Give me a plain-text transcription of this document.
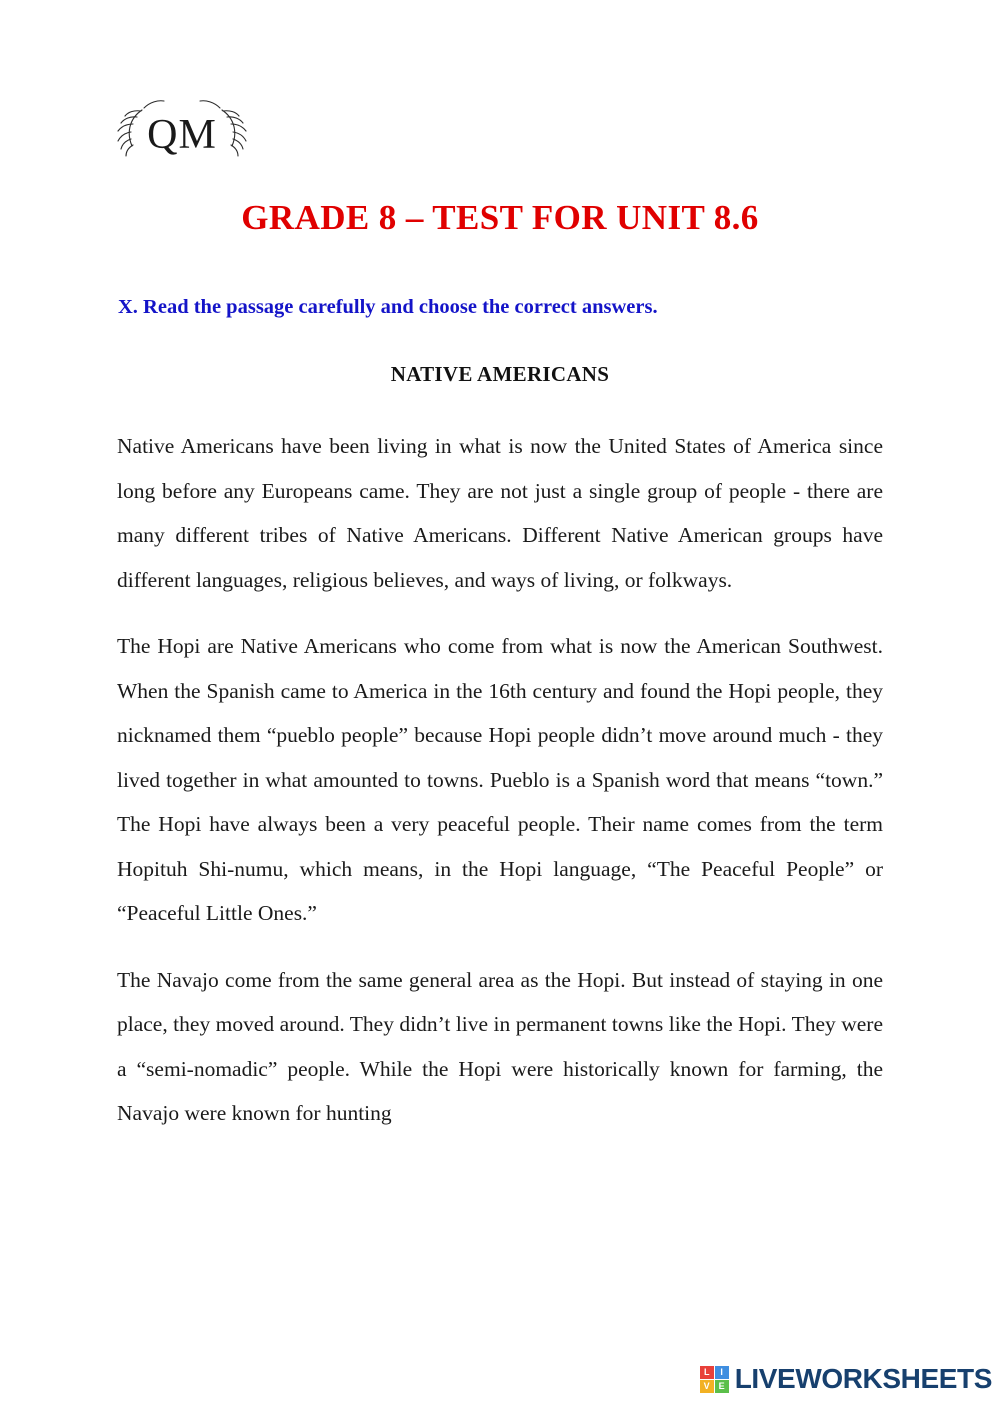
QM
GRADE 8 – TEST FOR UNIT 8.6
X. Read the passage carefully and choose the correct answers.
NATIVE AMERICANS

Native Americans have been living in what is now the United States of America since long before any Europeans came. They are not just a single group of people - there are many different tribes of Native Americans. Different Native American groups have different languages, religious believes, and ways of living, or folkways.

The Hopi are Native Americans who come from what is now the American Southwest. When the Spanish came to America in the 16th century and found the Hopi people, they nicknamed them “pueblo people” because Hopi people didn’t move around much - they lived together in what amounted to towns. Pueblo is a Spanish word that means “town.” The Hopi have always been a very peaceful people. Their name comes from the term Hopituh Shi-numu, which means, in the Hopi language, “The Peaceful People” or “Peaceful Little Ones.”

The Navajo come from the same general area as the Hopi. But instead of staying in one place, they moved around. They didn’t live in permanent towns like the Hopi. They were a “semi-nomadic” people. While the Hopi were historically known for farming, the Navajo were known for hunting

L	I
V E LIVEWORKSHEETS
